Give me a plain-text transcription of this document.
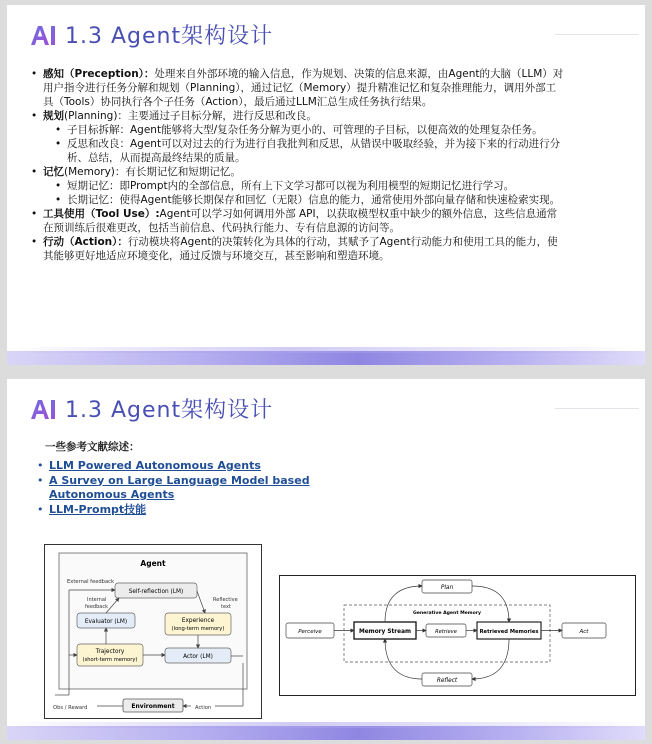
1.3 Agent架构设计
• 感知（Preception）：处理来自外部环境的输入信息，作为规划、决策的信息来源，由Agent的大脑（LLM）对用户指令进行任务分解和规划（Planning），通过记忆（Memory）提升精准记忆和复杂推理能力，调用外部工具（Tools）协同执行各个子任务（Action），最后通过LLM汇总生成任务执行结果。
• 规划(Planning)：主要通过子目标分解，进行反思和改良。
• 子目标拆解：Agent能够将大型/复杂任务分解为更小的、可管理的子目标，以便高效的处理复杂任务。
• 反思和改良：Agent可以对过去的行为进行自我批判和反思，从错误中吸取经验，并为接下来的行动进行分析、总结，从而提高最终结果的质量。
• 记忆(Memory)：有长期记忆和短期记忆。
• 短期记忆：即Prompt内的全部信息，所有上下文学习都可以视为利用模型的短期记忆进行学习。
• 长期记忆：使得Agent能够长期保存和回忆（无限）信息的能力，通常使用外部向量存储和快速检索实现。
• 工具使用（Tool Use）:Agent可以学习如何调用外部 API，以获取模型权重中缺少的额外信息，这些信息通常在预训练后很难更改，包括当前信息、代码执行能力、专有信息源的访问等。
• 行动（Action）：行动模块将Agent的决策转化为具体的行动，其赋予了Agent行动能力和使用工具的能力，使其能够更好地适应环境变化，通过反馈与环境交互，甚至影响和塑造环境。
1.3 Agent架构设计
一些参考文献综述：
• LLM Powered Autonomous Agents
• A Survey on Large Language Model based Autonomous Agents
• LLM-Prompt技能
Agent
External feedback
Self-reflection (LM)
Internal
feedback
Reflective
text
Evaluator (LM)	Experience
(long-term memory)
Trajectory
(short-term memory)	Actor (LM)
Environment
Obs / Reward	Action
Plan
Generative Agent Memory
Perceive	Memory Stream	Retrieve	Retrieved Memories	Act
Reflect
